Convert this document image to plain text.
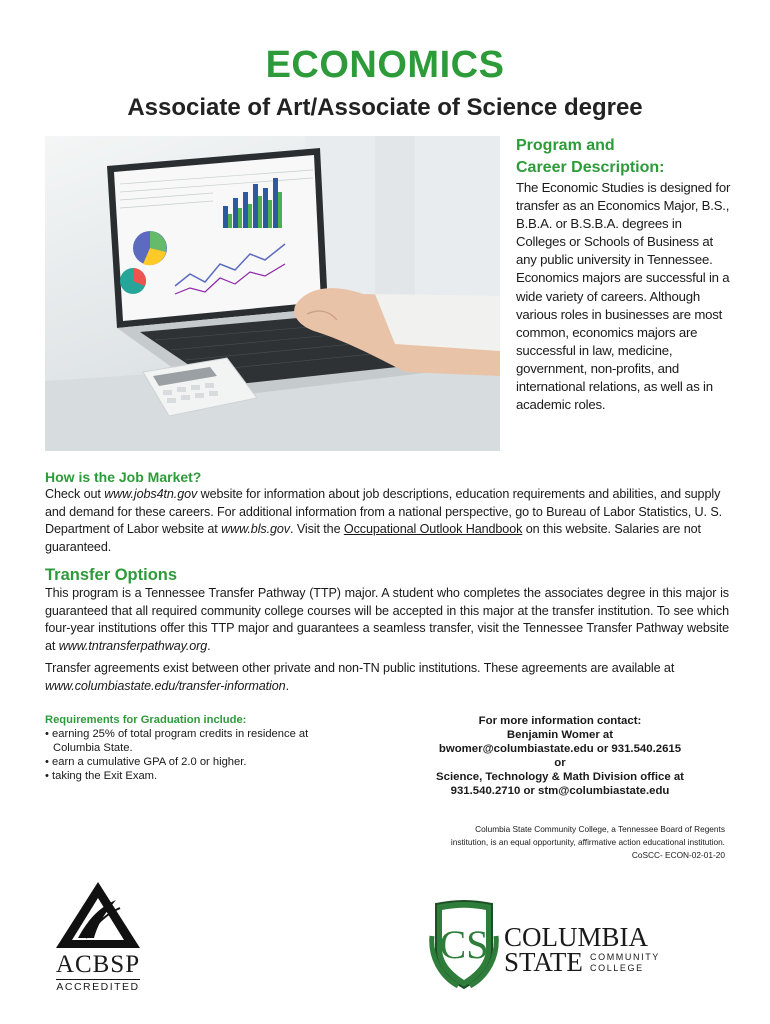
ECONOMICS
Associate of Art/Associate of Science degree
Program and
Career Description:
The Economic Studies is designed for transfer as an Economics Major, B.S., B.B.A. or B.S.B.A. degrees in Colleges or Schools of Business at any public university in Tennessee. Economics majors are successful in a wide variety of careers. Although various roles in businesses are most common, economics majors are successful in law, medicine, government, non-profits, and international relations, as well as in academic roles.
How is the Job Market?
Check out www.jobs4tn.gov website for information about job descriptions, education requirements and abilities, and supply and demand for these careers. For additional information from a national perspective, go to Bureau of Labor Statistics, U. S. Department of Labor website at www.bls.gov. Visit the Occupational Outlook Handbook on this website. Salaries are not guaranteed.
Transfer Options
This program is a Tennessee Transfer Pathway (TTP) major. A student who completes the associates degree in this major is guaranteed that all required community college courses will be accepted in this major at the transfer institution. To see which four-year institutions offer this TTP major and guarantees a seamless transfer, visit the Tennessee Transfer Pathway website at www.tntransferpathway.org.
Transfer agreements exist between other private and non-TN public institutions. These agreements are available at
www.columbiastate.edu/transfer-information.
Requirements for Graduation include:
• earning 25% of total program credits in residence at
Columbia State.
• earn a cumulative GPA of 2.0 or higher.
• taking the Exit Exam.
For more information contact:
Benjamin Womer at
bwomer@columbiastate.edu or 931.540.2615
or
Science, Technology & Math Division office at
931.540.2710 or stm@columbiastate.edu
Columbia State Community College, a Tennessee Board of Regents
institution, is an equal opportunity, affirmative action educational institution.
CoSCC- ECON-02-01-20
ACBSP
ACCREDITED
CS COLUMBIA
STATE COMMUNITY
COLLEGE
